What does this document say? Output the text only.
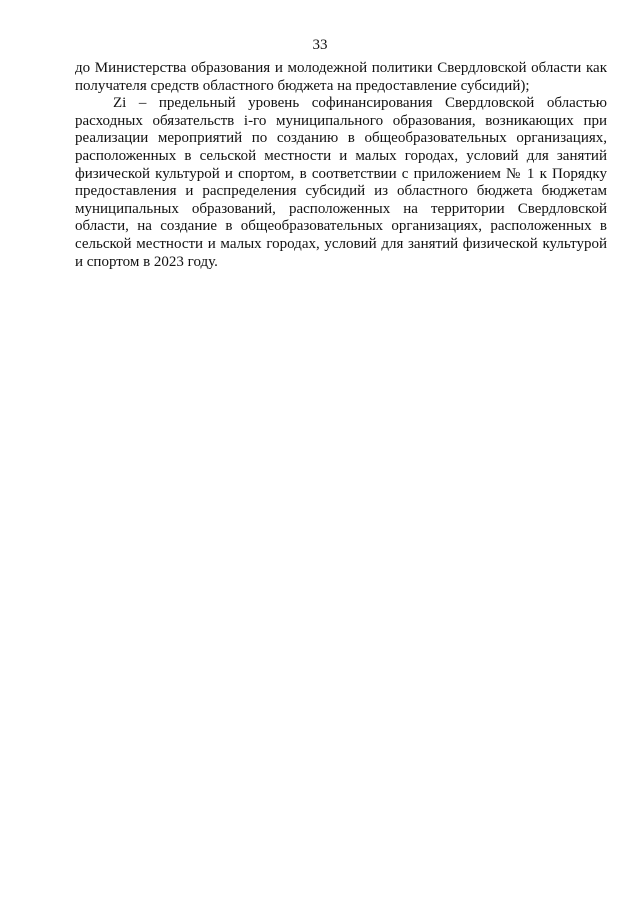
33
до Министерства образования и молодежной политики Свердловской области как
получателя средств областного бюджета на предоставление субсидий);
Zi – предельный уровень софинансирования Свердловской областью
расходных обязательств i-го муниципального образования, возникающих при
реализации мероприятий по созданию в общеобразовательных организациях,
расположенных в сельской местности и малых городах, условий для занятий
физической культурой и спортом, в соответствии с приложением № 1 к Порядку
предоставления и распределения субсидий из областного бюджета бюджетам
муниципальных образований, расположенных на территории Свердловской
области, на создание в общеобразовательных организациях, расположенных в
сельской местности и малых городах, условий для занятий физической культурой
и спортом в 2023 году.
